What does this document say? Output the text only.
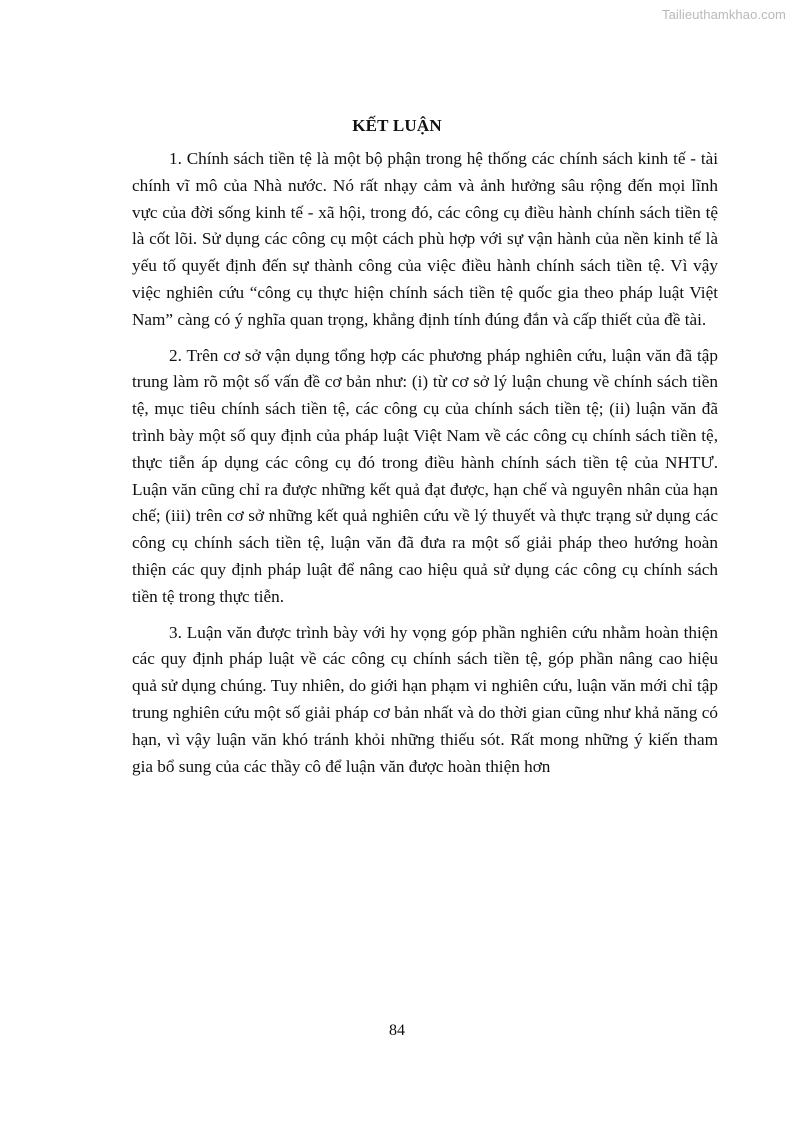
Tailieuthamkhao.com
KẾT LUẬN

1. Chính sách tiền tệ là một bộ phận trong hệ thống các chính sách kinh tế - tài chính vĩ mô của Nhà nước. Nó rất nhạy cảm và ảnh hưởng sâu rộng đến mọi lĩnh vực của đời sống kinh tế - xã hội, trong đó, các công cụ điều hành chính sách tiền tệ là cốt lõi. Sử dụng các công cụ một cách phù hợp với sự vận hành của nền kinh tế là yếu tố quyết định đến sự thành công của việc điều hành chính sách tiền tệ. Vì vậy việc nghiên cứu “công cụ thực hiện chính sách tiền tệ quốc gia theo pháp luật Việt Nam” càng có ý nghĩa quan trọng, khẳng định tính đúng đắn và cấp thiết của đề tài.

2. Trên cơ sở vận dụng tổng hợp các phương pháp nghiên cứu, luận văn đã tập trung làm rõ một số vấn đề cơ bản như: (i) từ cơ sở lý luận chung về chính sách tiền tệ, mục tiêu chính sách tiền tệ, các công cụ của chính sách tiền tệ; (ii) luận văn đã trình bày một số quy định của pháp luật Việt Nam về các công cụ chính sách tiền tệ, thực tiễn áp dụng các công cụ đó trong điều hành chính sách tiền tệ của NHTƯ. Luận văn cũng chỉ ra được những kết quả đạt được, hạn chế và nguyên nhân của hạn chế; (iii) trên cơ sở những kết quả nghiên cứu về lý thuyết và thực trạng sử dụng các công cụ chính sách tiền tệ, luận văn đã đưa ra một số giải pháp theo hướng hoàn thiện các quy định pháp luật để nâng cao hiệu quả sử dụng các công cụ chính sách tiền tệ trong thực tiễn.

3. Luận văn được trình bày với hy vọng góp phần nghiên cứu nhằm hoàn thiện các quy định pháp luật về các công cụ chính sách tiền tệ, góp phần nâng cao hiệu quả sử dụng chúng. Tuy nhiên, do giới hạn phạm vi nghiên cứu, luận văn mới chỉ tập trung nghiên cứu một số giải pháp cơ bản nhất và do thời gian cũng như khả năng có hạn, vì vậy luận văn khó tránh khỏi những thiếu sót. Rất mong những ý kiến tham gia bổ sung của các thầy cô để luận văn được hoàn thiện hơn

84
